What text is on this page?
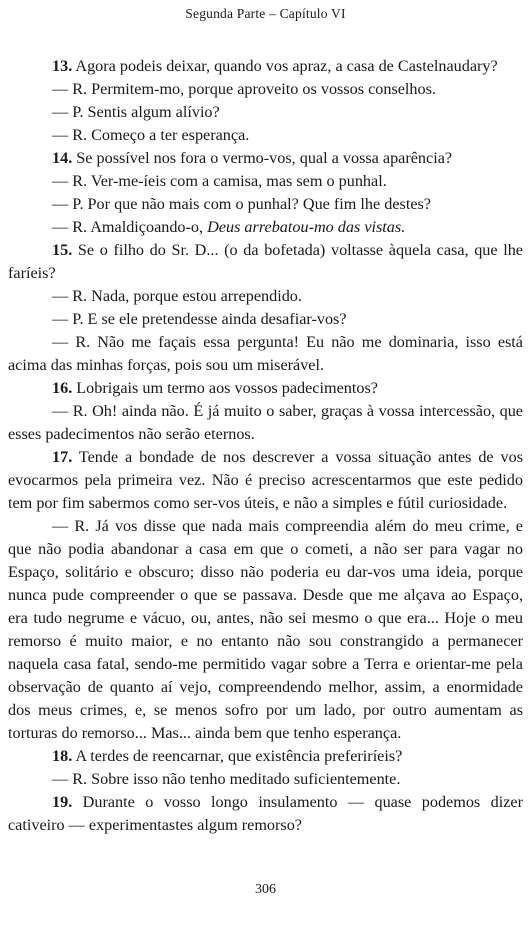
Segunda Parte – Capítulo VI

13. Agora podeis deixar, quando vos apraz, a casa de Castelnaudary?

— R. Permitem-mo, porque aproveito os vossos conselhos.

— P. Sentis algum alívio?

— R. Começo a ter esperança.

14. Se possível nos fora o vermo-vos, qual a vossa aparência?

— R. Ver-me-íeis com a camisa, mas sem o punhal.

— P. Por que não mais com o punhal? Que fim lhe destes?

— R. Amaldiçoando-o, Deus arrebatou-mo das vistas.

15. Se o filho do Sr. D... (o da bofetada) voltasse àquela casa, que lhe faríeis?

— R. Nada, porque estou arrependido.

— P. E se ele pretendesse ainda desafiar-vos?

— R. Não me façais essa pergunta! Eu não me dominaria, isso está acima das minhas forças, pois sou um miserável.

16. Lobrigais um termo aos vossos padecimentos?

— R. Oh! ainda não. É já muito o saber, graças à vossa intercessão, que esses padecimentos não serão eternos.

17. Tende a bondade de nos descrever a vossa situação antes de vos evocarmos pela primeira vez. Não é preciso acrescentarmos que este pedido tem por fim sabermos como ser-vos úteis, e não a simples e fútil curiosidade.

— R. Já vos disse que nada mais compreendia além do meu crime, e que não podia abandonar a casa em que o cometi, a não ser para vagar no Espaço, solitário e obscuro; disso não poderia eu dar-vos uma ideia, porque nunca pude compreender o que se passava. Desde que me alçava ao Espaço, era tudo negrume e vácuo, ou, antes, não sei mesmo o que era... Hoje o meu remorso é muito maior, e no entanto não sou constrangido a permanecer naquela casa fatal, sendo-me permitido vagar sobre a Terra e orientar-me pela observação de quanto aí vejo, compreendendo melhor, assim, a enormidade dos meus crimes, e, se menos sofro por um lado, por outro aumentam as torturas do remorso... Mas... ainda bem que tenho esperança.

18. A terdes de reencarnar, que existência preferiríeis?

— R. Sobre isso não tenho meditado suficientemente.

19. Durante o vosso longo insulamento — quase podemos dizer cativeiro — experimentastes algum remorso?

306
